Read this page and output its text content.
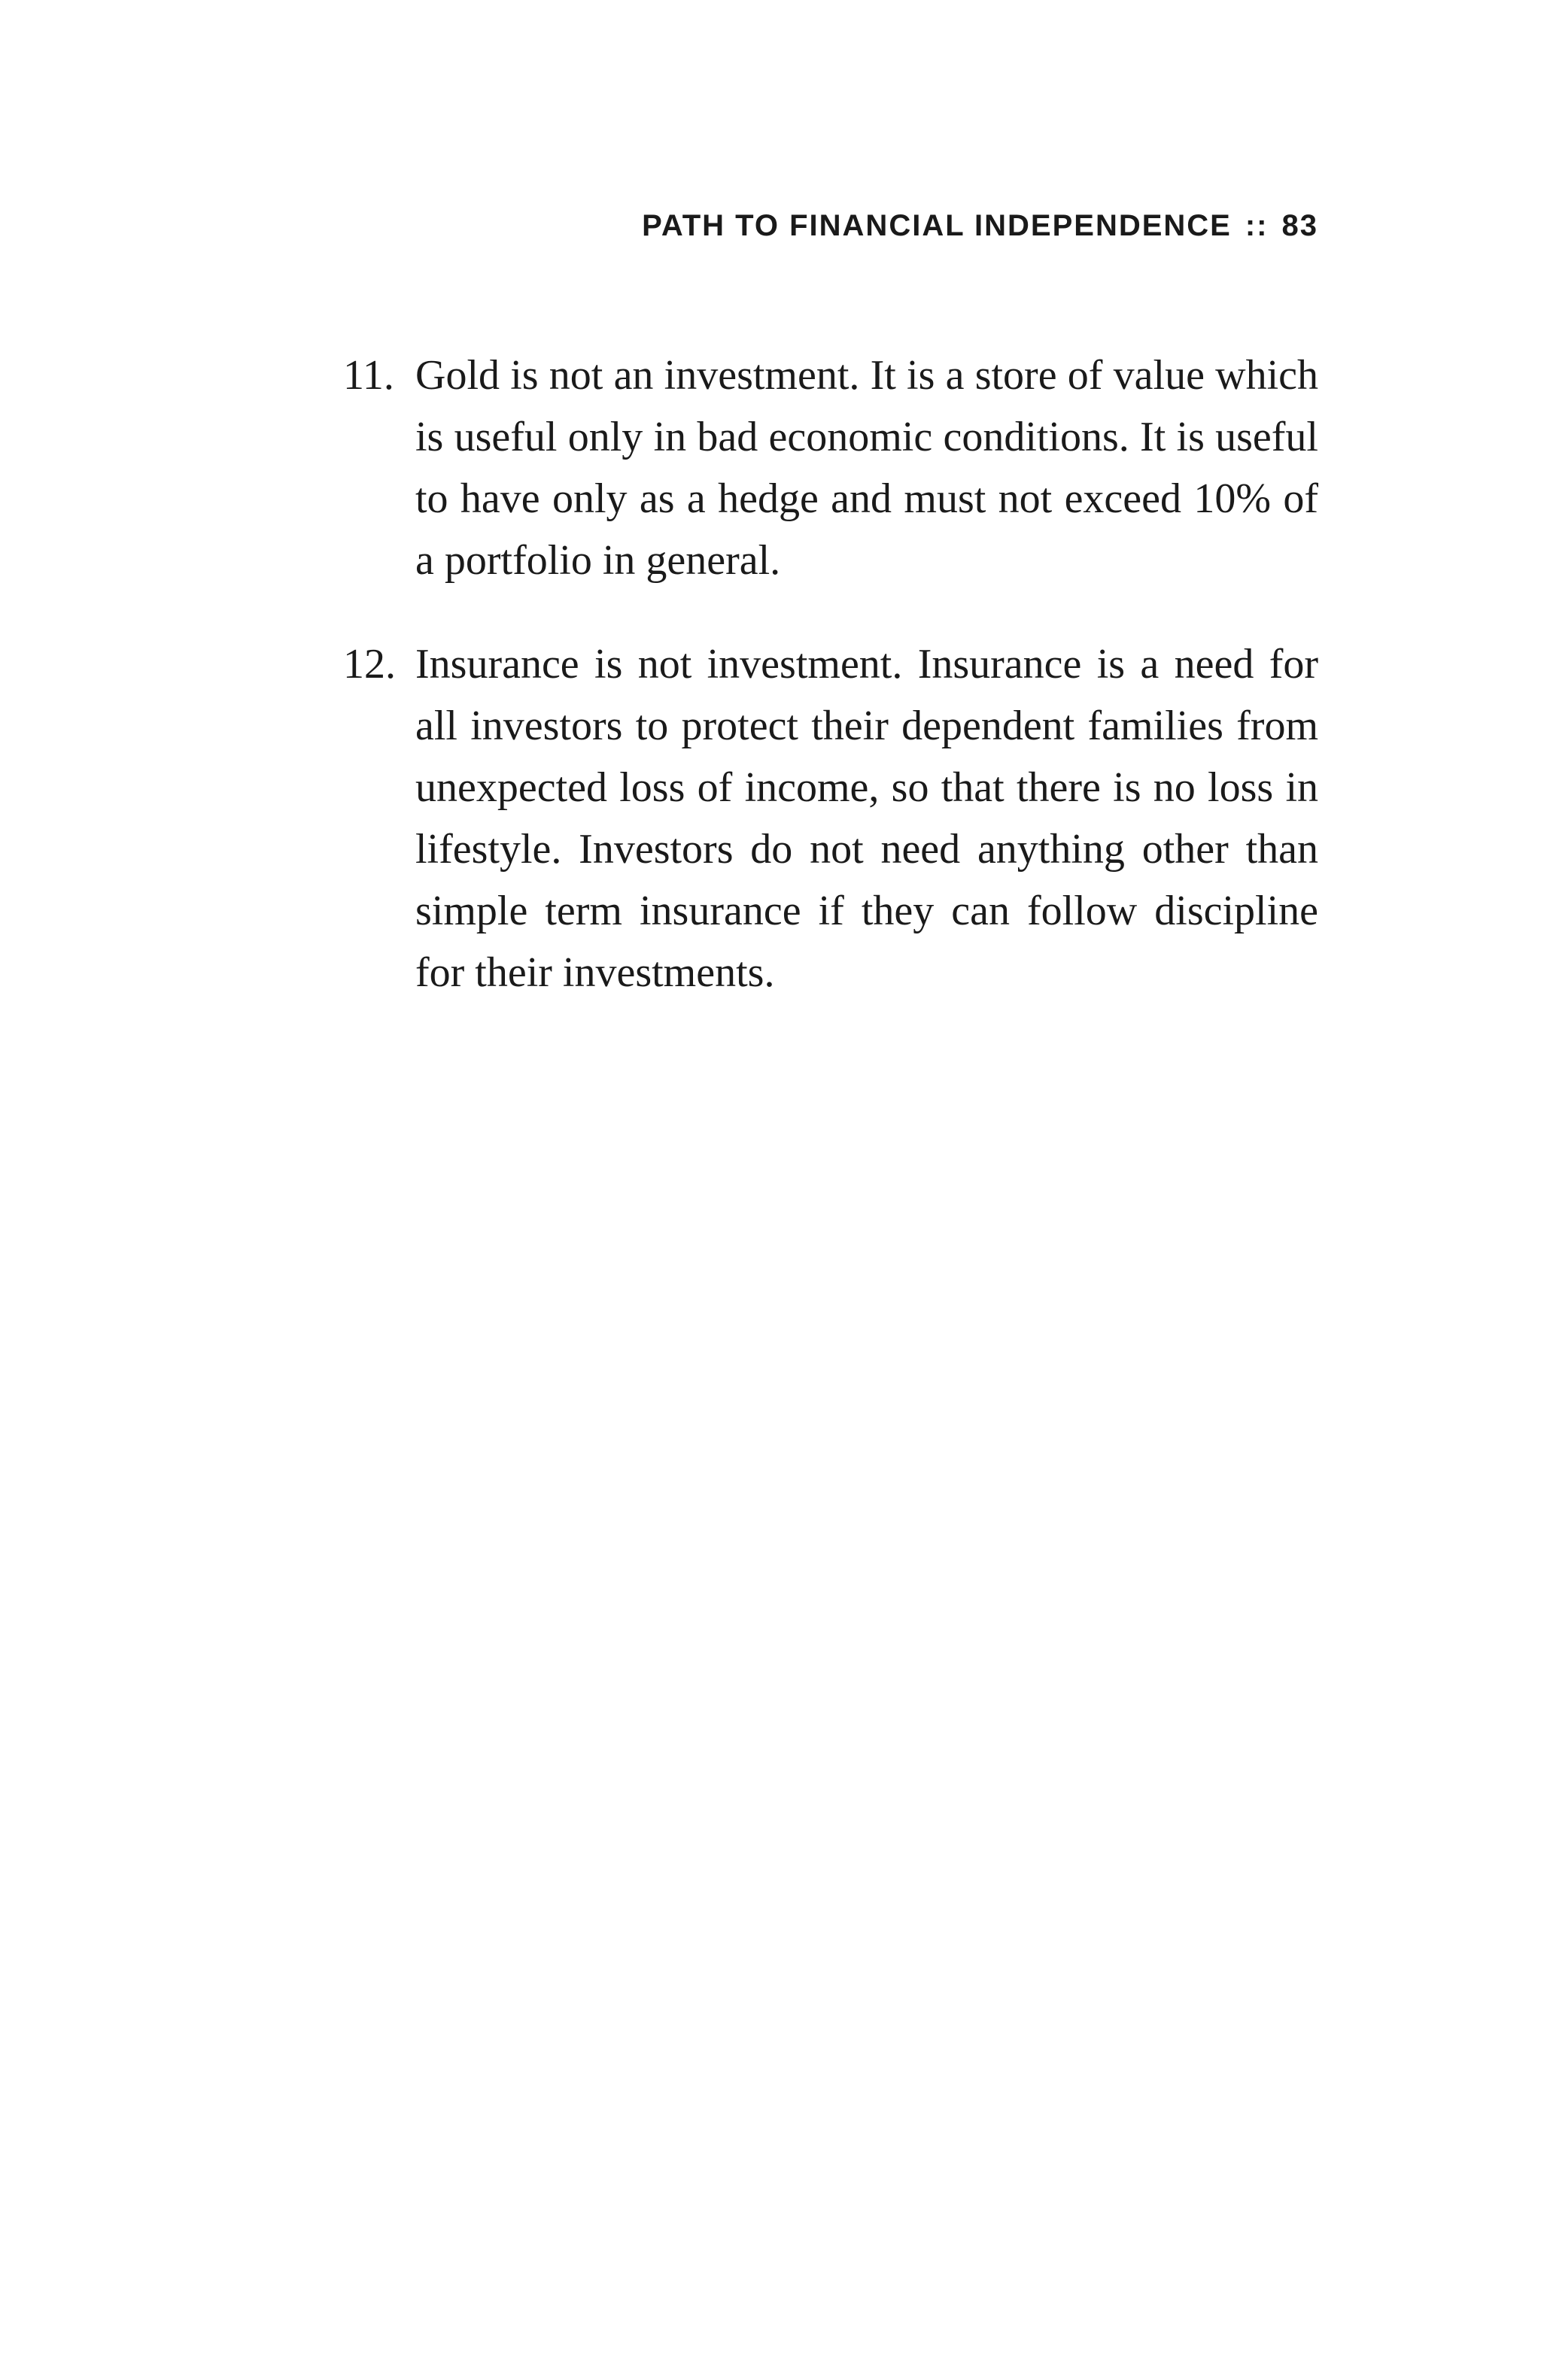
PATH TO FINANCIAL INDEPENDENCE :: 83
11. Gold is not an investment. It is a store of value which is useful only in bad economic conditions. It is useful to have only as a hedge and must not exceed 10% of a portfolio in general.
12. Insurance is not investment. Insurance is a need for all investors to protect their dependent families from unexpected loss of income, so that there is no loss in lifestyle. Investors do not need anything other than simple term insurance if they can follow discipline for their investments.
